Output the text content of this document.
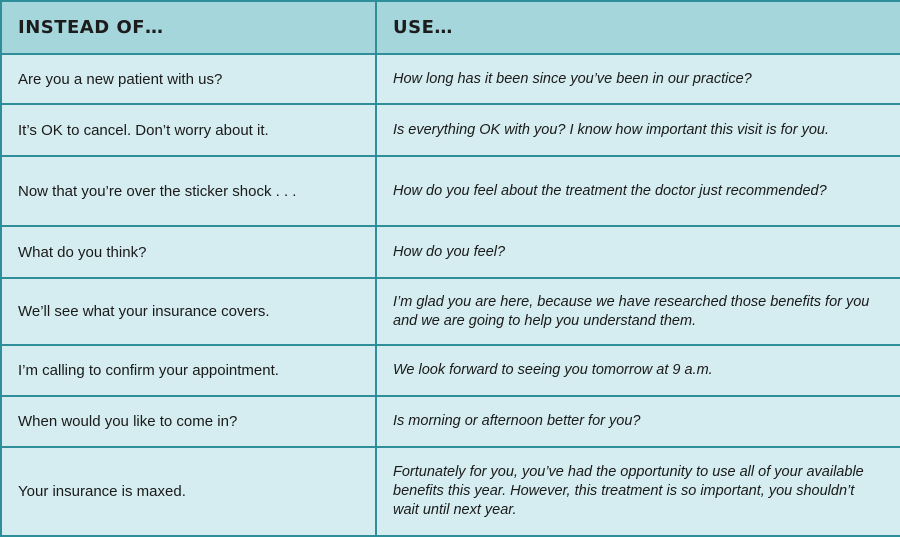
INSTEAD OF…	USE…
Are you a new patient with us?	How long has it been since you’ve been in our practice?
It’s OK to cancel. Don’t worry about it.	Is everything OK with you? I know how important this visit is for you.
Now that you’re over the sticker shock . . .	How do you feel about the treatment the doctor just recommended?
What do you think?	How do you feel?
We’ll see what your insurance covers.	I’m glad you are here, because we have researched those benefits for you and we are going to help you understand them.
I’m calling to confirm your appointment.	We look forward to seeing you tomorrow at 9 a.m.
When would you like to come in?	Is morning or afternoon better for you?
Your insurance is maxed.	Fortunately for you, you’ve had the opportunity to use all of your available benefits this year. However, this treatment is so important, you shouldn’t wait until next year.
